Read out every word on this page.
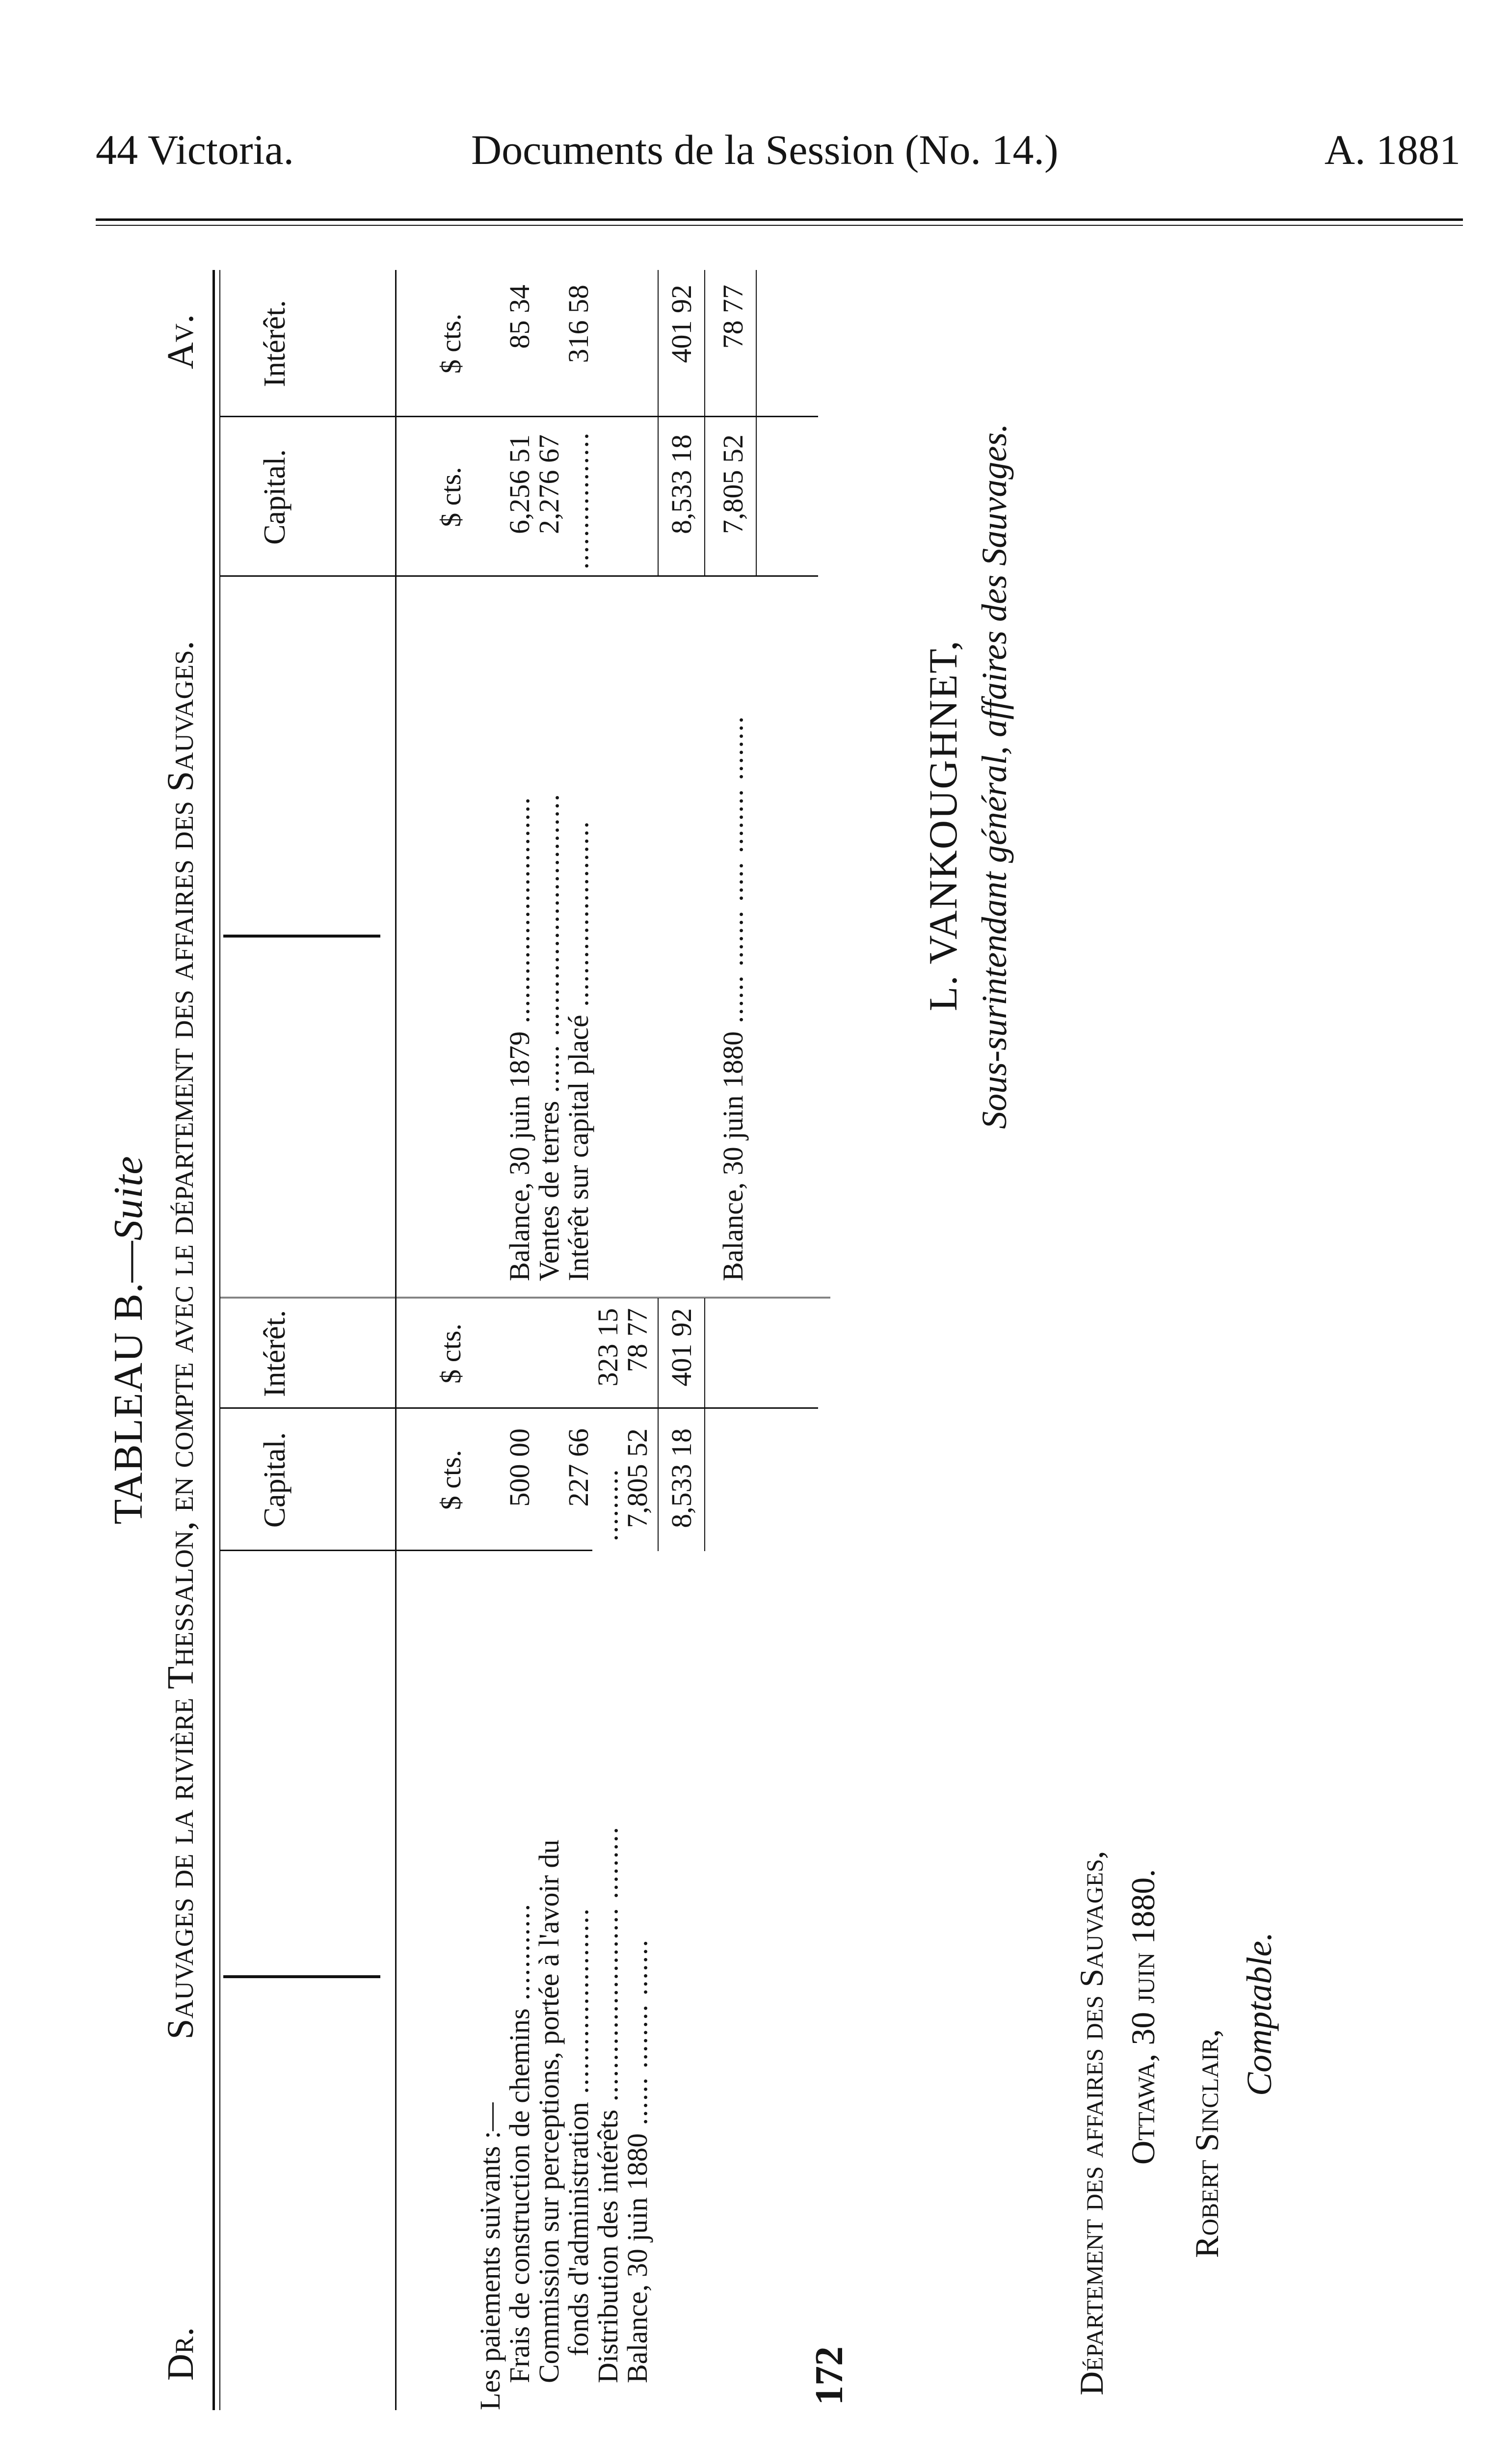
44 Victoria.	Documents de la Session (No. 14.)	A. 1881
TABLEAU B.—Suite
Dr.
Sauvages de la rivière Thessalon, en compte avec le département des affaires des Sauvages.
Av.
Capital.
Intérêt.
Capital.
Intérêt.
$ cts.
$ cts.
$ cts.
$ cts.
Les paiements suivants :—
Frais de construction de chemins ............
500 00
Commission sur perceptions, portée à l'avoir du
fonds d'administration .......................
227 66
Distribution des intérêts ........................ .........
323 15
.........
Balance, 30 juin 1880 ...... ........ .......
7,805 52
78 77
8,533 18
401 92
Balance, 30 juin 1879 ............................
6,256 51
85 34
Ventes de terres ...... ..............................
2,276 67
Intérêt sur capital placé .......................
.................
316 58
8,533 18
401 92
Balance, 30 juin 1880 ...... ....... ..... ........ ........
7,805 52
78 77
L. VANKOUGHNET, Sous-surintendant général, affaires des Sauvages.
Département des affaires des Sauvages, Ottawa, 30 juin 1880. Robert Sinclair,
Comptable.
172
